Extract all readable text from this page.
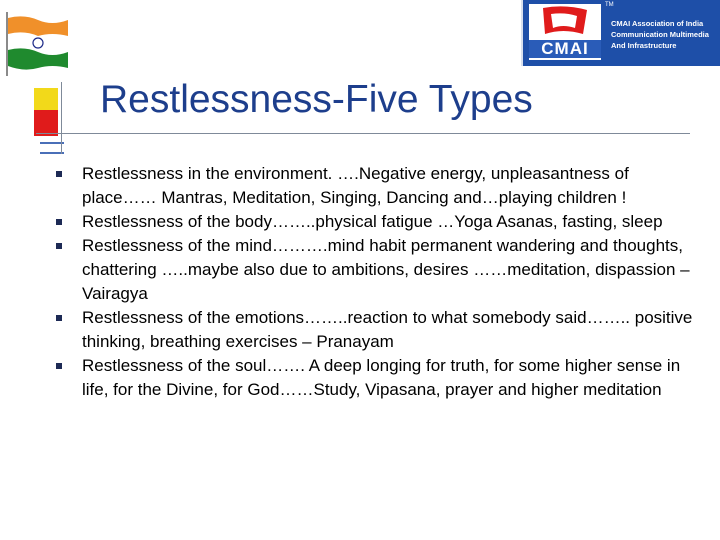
CMAI
TM
CMAI Association of India
Communication Multimedia
And Infrastructure
Restlessness-Five Types
Restlessness in the environment. ….Negative energy, unpleasantness of place…… Mantras, Meditation, Singing, Dancing and…playing children !
Restlessness of the body……..physical fatigue …Yoga Asanas, fasting, sleep
Restlessness of the mind……….mind habit permanent wandering and thoughts, chattering …..maybe also due to ambitions, desires ……meditation, dispassion – Vairagya
Restlessness of the emotions……..reaction to what somebody said…….. positive thinking, breathing exercises – Pranayam
Restlessness of the soul……. A deep longing for truth, for some higher sense in life, for the Divine, for God……Study, Vipasana, prayer and higher meditation
